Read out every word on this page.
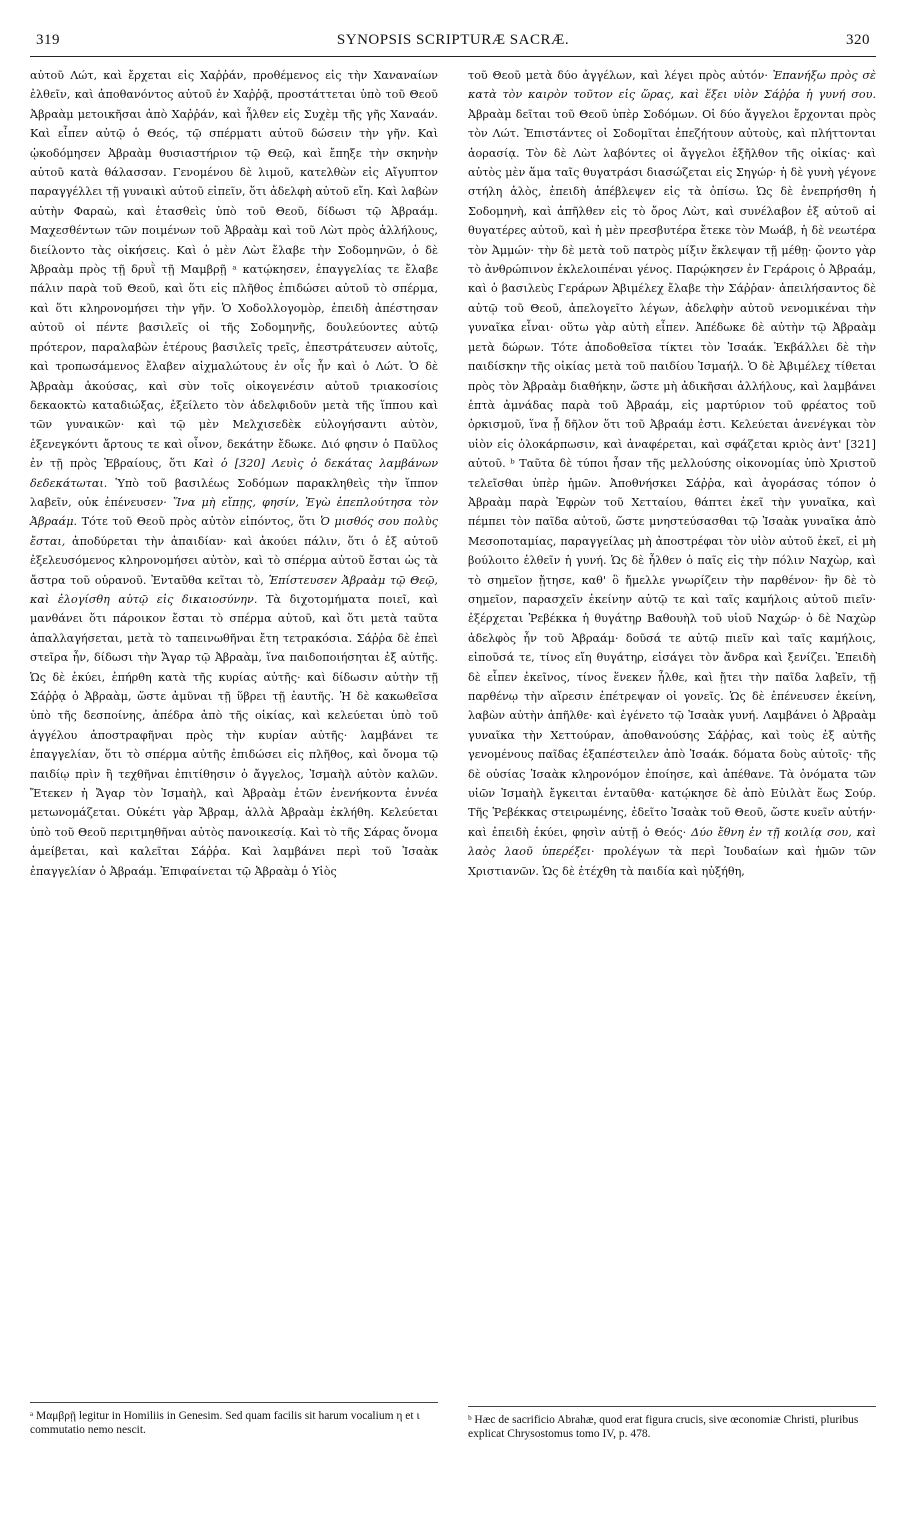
319	SYNOPSIS SCRIPTURÆ SACRÆ.	320

αὐτοῦ Λώτ, καὶ ἔρχεται εἰς Χαῤῥάν, προθέμενος εἰς τὴν Χαναναίων ἐλθεῖν, καὶ ἀποθανόντος αὐτοῦ ἐν Χαῤῥᾷ, προστάττεται ὑπὸ τοῦ Θεοῦ Ἀβραὰμ μετοικῆσαι ἀπὸ Χαῤῥάν, καὶ ἦλθεν εἰς Συχὲμ τῆς γῆς Χαναάν. Καὶ εἶπεν αὐτῷ ὁ Θεός, τῷ σπέρματι αὐτοῦ δώσειν τὴν γῆν. Καὶ ᾠκοδόμησεν Ἀβραὰμ θυσιαστήριον τῷ Θεῷ, καὶ ἔπηξε τὴν σκηνὴν αὐτοῦ κατὰ θάλασσαν. Γενομένου δὲ λιμοῦ, κατελθὼν εἰς Αἴγυπτον παραγγέλλει τῇ γυναικὶ αὐτοῦ εἰπεῖν, ὅτι ἀδελφὴ αὐτοῦ εἴη. Καὶ λαβὼν αὐτὴν Φαραὼ, καὶ ἐτασθεὶς ὑπὸ τοῦ Θεοῦ, δίδωσι τῷ Ἀβραάμ. Μαχεσθέντων τῶν ποιμένων τοῦ Ἀβραὰμ καὶ τοῦ Λὼτ πρὸς ἀλλήλους, διείλοντο τὰς οἰκήσεις. Καὶ ὁ μὲν Λὼτ ἔλαβε τὴν Σοδομηνῶν, ὁ δὲ Ἀβραὰμ πρὸς τῇ δρυῒ τῇ Μαμβρῇ ᵃ κατῴκησεν, ἐπαγγελίας τε ἔλαβε πάλιν παρὰ τοῦ Θεοῦ, καὶ ὅτι εἰς πλῆθος ἐπιδώσει αὐτοῦ τὸ σπέρμα, καὶ ὅτι κληρονομήσει τὴν γῆν. Ὁ Χοδολλογομὸρ, ἐπειδὴ ἀπέστησαν αὐτοῦ οἱ πέντε βασιλεῖς οἱ τῆς Σοδομηνῆς, δουλεύοντες αὐτῷ πρότερον, παραλαβὼν ἑτέρους βασιλεῖς τρεῖς, ἐπεστράτευσεν αὐτοῖς, καὶ τροπωσάμενος ἔλαβεν αἰχμαλώτους ἐν οἷς ἦν καὶ ὁ Λώτ. Ὁ δὲ Ἀβραὰμ ἀκούσας, καὶ σὺν τοῖς οἰκογενέσιν αὐτοῦ τριακοσίοις δεκαοκτὼ καταδιώξας, ἐξείλετο τὸν ἀδελφιδοῦν μετὰ τῆς ἵππου καὶ τῶν γυναικῶν· καὶ τῷ μὲν Μελχισεδὲκ εὐλογήσαντι αὐτὸν, ἐξενεγκόντι ἄρτους τε καὶ οἶνον, δεκάτην ἔδωκε. Διό φησιν ὁ Παῦλος ἐν τῇ πρὸς Ἑβραίους, ὅτι Καὶ ὁ [320] Λευὶς ὁ δεκάτας λαμβάνων δεδεκάτωται. Ὑπὸ τοῦ βασιλέως Σοδόμων παρακληθεὶς τὴν ἵππον λαβεῖν, οὐκ ἐπένευσεν· Ἵνα μὴ εἴπῃς, φησίν, Ἐγὼ ἐπεπλούτησα τὸν Ἀβραάμ. Τότε τοῦ Θεοῦ πρὸς αὐτὸν εἰπόντος, ὅτι Ὁ μισθός σου πολὺς ἔσται, ἀποδύρεται τὴν ἀπαιδίαν· καὶ ἀκούει πάλιν, ὅτι ὁ ἐξ αὐτοῦ ἐξελευσόμενος κληρονομήσει αὐτὸν, καὶ τὸ σπέρμα αὐτοῦ ἔσται ὡς τὰ ἄστρα τοῦ οὐρανοῦ. Ἐνταῦθα κεῖται τὸ, Ἐπίστευσεν Ἀβραὰμ τῷ Θεῷ, καὶ ἐλογίσθη αὐτῷ εἰς δικαιοσύνην. Τὰ διχοτομήματα ποιεῖ, καὶ μανθάνει ὅτι πάροικον ἔσται τὸ σπέρμα αὐτοῦ, καὶ ὅτι μετὰ ταῦτα ἀπαλλαγήσεται, μετὰ τὸ ταπεινωθῆναι ἔτη τετρακόσια. Σάῤῥα δὲ ἐπεὶ στεῖρα ἦν, δίδωσι τὴν Ἄγαρ τῷ Ἀβραὰμ, ἵνα παιδοποιήσηται ἐξ αὐτῆς. Ὡς δὲ ἐκύει, ἐπήρθη κατὰ τῆς κυρίας αὐτῆς· καὶ δίδωσιν αὐτὴν τῇ Σάῤῥᾳ ὁ Ἀβραὰμ, ὥστε ἀμῦναι τῇ ὕβρει τῇ ἑαυτῆς. Ἡ δὲ κακωθεῖσα ὑπὸ τῆς δεσποίνης, ἀπέδρα ἀπὸ τῆς οἰκίας, καὶ κελεύεται ὑπὸ τοῦ ἀγγέλου ἀποστραφῆναι πρὸς τὴν κυρίαν αὐτῆς· λαμβάνει τε ἐπαγγελίαν, ὅτι τὸ σπέρμα αὐτῆς ἐπιδώσει εἰς πλῆθος, καὶ ὄνομα τῷ παιδίῳ πρὶν ἢ τεχθῆναι ἐπιτίθησιν ὁ ἄγγελος, Ἰσμαὴλ αὐτὸν καλῶν. Ἔτεκεν ἡ Ἄγαρ τὸν Ἰσμαὴλ, καὶ Ἀβραὰμ ἐτῶν ἐνενήκοντα ἐννέα μετωνομάζεται. Οὐκέτι γὰρ Ἄβραμ, ἀλλὰ Ἀβραὰμ ἐκλήθη. Κελεύεται ὑπὸ τοῦ Θεοῦ περιτμηθῆναι αὐτὸς πανοικεσίᾳ. Καὶ τὸ τῆς Σάρας ὄνομα ἀμείβεται, καὶ καλεῖται Σάῤῥα. Καὶ λαμβάνει περὶ τοῦ Ἰσαὰκ ἐπαγγελίαν ὁ Ἀβραάμ. Ἐπιφαίνεται τῷ Ἀβραὰμ ὁ Υἱὸς

τοῦ Θεοῦ μετὰ δύο ἀγγέλων, καὶ λέγει πρὸς αὐτόν· Ἐπανήξω πρὸς σὲ κατὰ τὸν καιρὸν τοῦτον εἰς ὥρας, καὶ ἕξει υἱὸν Σάῤῥα ἡ γυνή σου. Ἀβραὰμ δεῖται τοῦ Θεοῦ ὑπὲρ Σοδόμων. Οἱ δύο ἄγγελοι ἔρχονται πρὸς τὸν Λώτ. Ἐπιστάντες οἱ Σοδομῖται ἐπεζήτουν αὐτοὺς, καὶ πλήττονται ἀορασίᾳ. Τὸν δὲ Λὼτ λαβόντες οἱ ἄγγελοι ἐξῆλθον τῆς οἰκίας· καὶ αὐτὸς μὲν ἅμα ταῖς θυγατράσι διασώζεται εἰς Σηγώρ· ἡ δὲ γυνὴ γέγονε στήλη ἁλὸς, ἐπειδὴ ἀπέβλεψεν εἰς τὰ ὀπίσω. Ὡς δὲ ἐνεπρήσθη ἡ Σοδομηνὴ, καὶ ἀπῆλθεν εἰς τὸ ὄρος Λὼτ, καὶ συνέλαβον ἐξ αὐτοῦ αἱ θυγατέρες αὐτοῦ, καὶ ἡ μὲν πρεσβυτέρα ἔτεκε τὸν Μωάβ, ἡ δὲ νεωτέρα τὸν Ἀμμών· τὴν δὲ μετὰ τοῦ πατρὸς μίξιν ἔκλεψαν τῇ μέθῃ· ᾤοντο γὰρ τὸ ἀνθρώπινον ἐκλελοιπέναι γένος. Παρῴκησεν ἐν Γεράροις ὁ Ἀβραάμ, καὶ ὁ βασιλεὺς Γεράρων Ἀβιμέλεχ ἔλαβε τὴν Σάῤῥαν· ἀπειλήσαντος δὲ αὐτῷ τοῦ Θεοῦ, ἀπελογεῖτο λέγων, ἀδελφὴν αὐτοῦ νενομικέναι τὴν γυναῖκα εἶναι· οὕτω γὰρ αὐτὴ εἶπεν. Ἀπέδωκε δὲ αὐτὴν τῷ Ἀβραὰμ μετὰ δώρων. Τότε ἀποδοθεῖσα τίκτει τὸν Ἰσαάκ. Ἐκβάλλει δὲ τὴν παιδίσκην τῆς οἰκίας μετὰ τοῦ παιδίου Ἰσμαήλ. Ὁ δὲ Ἀβιμέλεχ τίθεται πρὸς τὸν Ἀβραὰμ διαθήκην, ὥστε μὴ ἀδικῆσαι ἀλλήλους, καὶ λαμβάνει ἑπτὰ ἀμνάδας παρὰ τοῦ Ἀβραάμ, εἰς μαρτύριον τοῦ φρέατος τοῦ ὁρκισμοῦ, ἵνα ᾖ δῆλον ὅτι τοῦ Ἀβραάμ ἐστι. Κελεύεται ἀνενέγκαι τὸν υἱὸν εἰς ὁλοκάρπωσιν, καὶ ἀναφέρεται, καὶ σφάζεται κριὸς ἀντ' [321] αὐτοῦ. ᵇ Ταῦτα δὲ τύποι ἦσαν τῆς μελλούσης οἰκονομίας ὑπὸ Χριστοῦ τελεῖσθαι ὑπὲρ ἡμῶν. Ἀποθνήσκει Σάῤῥα, καὶ ἀγοράσας τόπον ὁ Ἀβραὰμ παρὰ Ἐφρὼν τοῦ Χετταίου, θάπτει ἐκεῖ τὴν γυναῖκα, καὶ πέμπει τὸν παῖδα αὐτοῦ, ὥστε μνηστεύσασθαι τῷ Ἰσαὰκ γυναῖκα ἀπὸ Μεσοποταμίας, παραγγείλας μὴ ἀποστρέφαι τὸν υἱὸν αὐτοῦ ἐκεῖ, εἰ μὴ βούλοιτο ἐλθεῖν ἡ γυνή. Ὡς δὲ ἦλθεν ὁ παῖς εἰς τὴν πόλιν Ναχὼρ, καὶ τὸ σημεῖον ᾔτησε, καθ' ὃ ἤμελλε γνωρίζειν τὴν παρθένον· ἣν δὲ τὸ σημεῖον, παρασχεῖν ἐκείνην αὐτῷ τε καὶ ταῖς καμήλοις αὐτοῦ πιεῖν· ἐξέρχεται Ῥεβέκκα ἡ θυγάτηρ Βαθουὴλ τοῦ υἱοῦ Ναχώρ· ὁ δὲ Ναχὼρ ἀδελφὸς ἦν τοῦ Ἀβραάμ· δοῦσά τε αὐτῷ πιεῖν καὶ ταῖς καμήλοις, εἰποῦσά τε, τίνος εἴη θυγάτηρ, εἰσάγει τὸν ἄνδρα καὶ ξενίζει. Ἐπειδὴ δὲ εἶπεν ἐκεῖνος, τίνος ἕνεκεν ἦλθε, καὶ ᾔτει τὴν παῖδα λαβεῖν, τῇ παρθένῳ τὴν αἵρεσιν ἐπέτρεψαν οἱ γονεῖς. Ὡς δὲ ἐπένευσεν ἐκείνη, λαβὼν αὐτὴν ἀπῆλθε· καὶ ἐγένετο τῷ Ἰσαὰκ γυνή. Λαμβάνει ὁ Ἀβραὰμ γυναῖκα τὴν Χεττούραν, ἀποθανούσης Σάῤῥας, καὶ τοὺς ἐξ αὐτῆς γενομένους παῖδας ἐξαπέστειλεν ἀπὸ Ἰσαάκ. δόματα δοὺς αὐτοῖς· τῆς δὲ οὐσίας Ἰσαὰκ κληρονόμον ἐποίησε, καὶ ἀπέθανε. Τὰ ὀνόματα τῶν υἱῶν Ἰσμαὴλ ἔγκειται ἐνταῦθα· κατῴκησε δὲ ἀπὸ Εὐιλὰτ ἕως Σούρ. Τῆς Ῥεβέκκας στειρωμένης, ἐδεῖτο Ἰσαὰκ τοῦ Θεοῦ, ὥστε κυεῖν αὐτήν· καὶ ἐπειδὴ ἐκύει, φησὶν αὐτῇ ὁ Θεός· Δύο ἔθνη ἐν τῇ κοιλίᾳ σου, καὶ λαὸς λαοῦ ὑπερέξει· προλέγων τὰ περὶ Ἰουδαίων καὶ ἡμῶν τῶν Χριστιανῶν. Ὡς δὲ ἐτέχθη τὰ παιδία καὶ ηὐξήθη,

ᵃ Μαμβρῇ legitur in Homiliis in Genesim. Sed quam facilis sit harum vocalium η et ι commutatio nemo nescit.
ᵇ Hæc de sacrificio Abrahæ, quod erat figura crucis, sive œconomiæ Christi, pluribus explicat Chrysostomus tomo IV, p. 478.
